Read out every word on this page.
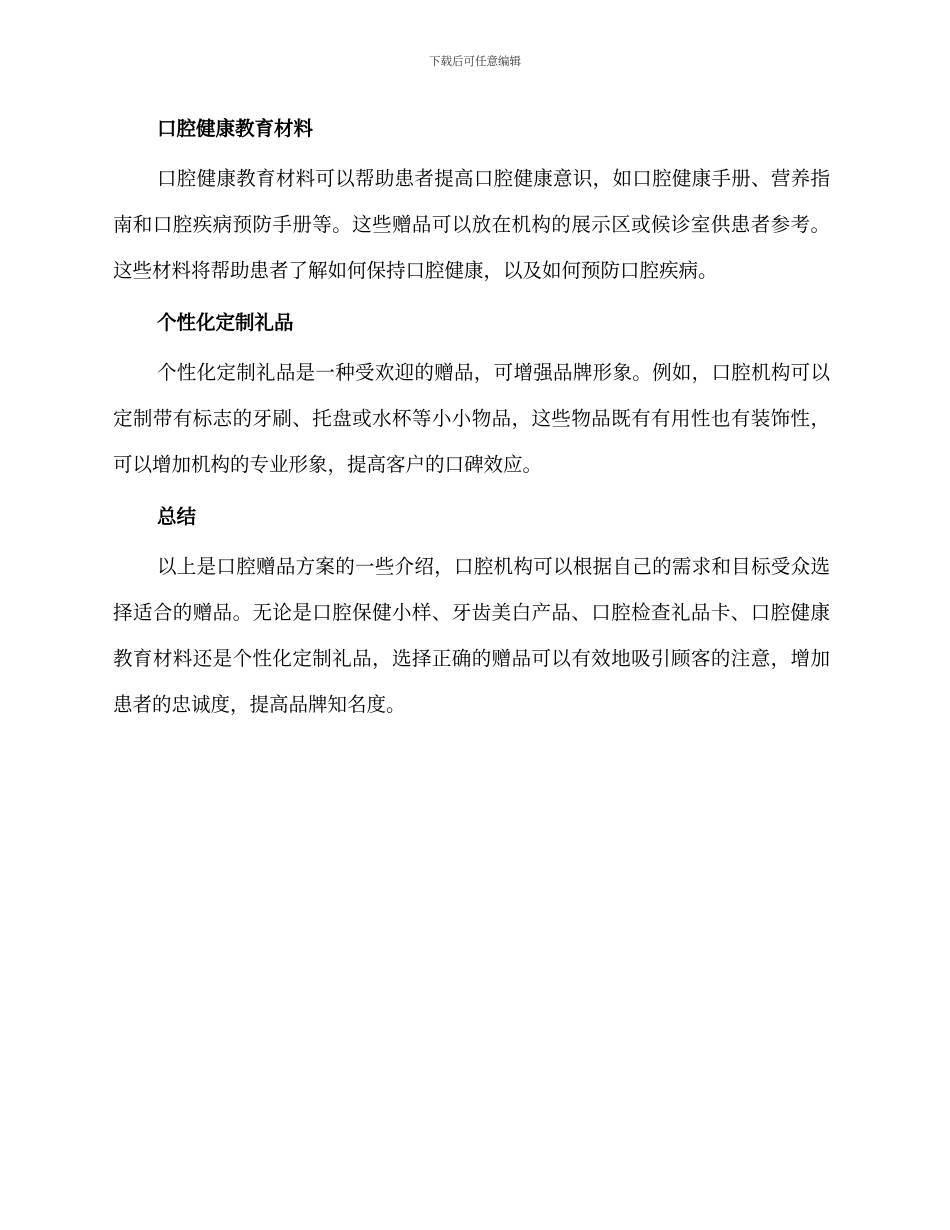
下载后可任意编辑
口腔健康教育材料

口腔健康教育材料可以帮助患者提高口腔健康意识，如口腔健康手册、营养指南和口腔疾病预防手册等。这些赠品可以放在机构的展示区或候诊室供患者参考。这些材料将帮助患者了解如何保持口腔健康，以及如何预防口腔疾病。

个性化定制礼品

个性化定制礼品是一种受欢迎的赠品，可增强品牌形象。例如，口腔机构可以定制带有标志的牙刷、托盘或水杯等小小物品，这些物品既有有用性也有装饰性，可以增加机构的专业形象，提高客户的口碑效应。

总结

以上是口腔赠品方案的一些介绍，口腔机构可以根据自己的需求和目标受众选择适合的赠品。无论是口腔保健小样、牙齿美白产品、口腔检查礼品卡、口腔健康教育材料还是个性化定制礼品，选择正确的赠品可以有效地吸引顾客的注意，增加患者的忠诚度，提高品牌知名度。
